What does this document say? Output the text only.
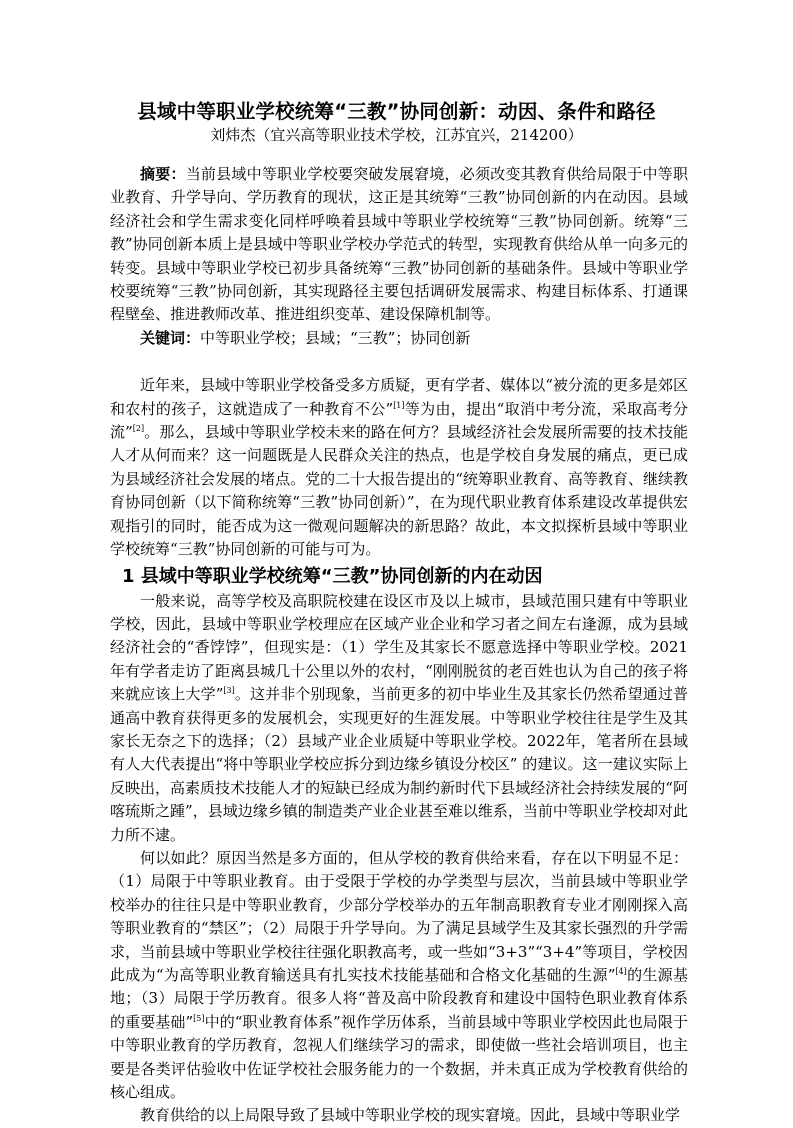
县域中等职业学校统筹“三教”协同创新：动因、条件和路径
刘炜杰（宜兴高等职业技术学校，江苏宜兴，214200）

摘要：当前县域中等职业学校要突破发展窘境，必须改变其教育供给局限于中等职业教育、升学导向、学历教育的现状，这正是其统筹“三教”协同创新的内在动因。县域经济社会和学生需求变化同样呼唤着县域中等职业学校统筹“三教”协同创新。统筹“三教”协同创新本质上是县域中等职业学校办学范式的转型，实现教育供给从单一向多元的转变。县域中等职业学校已初步具备统筹“三教”协同创新的基础条件。县域中等职业学校要统筹“三教”协同创新，其实现路径主要包括调研发展需求、构建目标体系、打通课程壁垒、推进教师改革、推进组织变革、建设保障机制等。

关键词：中等职业学校；县域；“三教”；协同创新

近年来，县域中等职业学校备受多方质疑，更有学者、媒体以“被分流的更多是郊区和农村的孩子，这就造成了一种教育不公”[1]等为由，提出“取消中考分流，采取高考分流”[2]。那么，县域中等职业学校未来的路在何方？县域经济社会发展所需要的技术技能人才从何而来？这一问题既是人民群众关注的热点，也是学校自身发展的痛点，更已成为县域经济社会发展的堵点。党的二十大报告提出的“统筹职业教育、高等教育、继续教育协同创新（以下简称统筹“三教”协同创新）”，在为现代职业教育体系建设改革提供宏观指引的同时，能否成为这一微观问题解决的新思路？故此，本文拟探析县域中等职业学校统筹“三教”协同创新的可能与可为。

1 县域中等职业学校统筹“三教”协同创新的内在动因

一般来说，高等学校及高职院校建在设区市及以上城市，县域范围只建有中等职业学校，因此，县域中等职业学校理应在区域产业企业和学习者之间左右逢源，成为县域经济社会的“香饽饽”，但现实是：（1）学生及其家长不愿意选择中等职业学校。2021年有学者走访了距离县城几十公里以外的农村，“刚刚脱贫的老百姓也认为自己的孩子将来就应该上大学”[3]。这并非个别现象，当前更多的初中毕业生及其家长仍然希望通过普通高中教育获得更多的发展机会，实现更好的生涯发展。中等职业学校往往是学生及其家长无奈之下的选择；（2）县域产业企业质疑中等职业学校。2022年，笔者所在县域有人大代表提出“将中等职业学校应拆分到边缘乡镇设分校区” 的建议。这一建议实际上反映出，高素质技术技能人才的短缺已经成为制约新时代下县域经济社会持续发展的“阿喀琉斯之踵”，县域边缘乡镇的制造类产业企业甚至难以维系，当前中等职业学校却对此力所不逮。

何以如此？原因当然是多方面的，但从学校的教育供给来看，存在以下明显不足：（1）局限于中等职业教育。由于受限于学校的办学类型与层次，当前县域中等职业学校举办的往往只是中等职业教育，少部分学校举办的五年制高职教育专业才刚刚探入高等职业教育的“禁区”；（2）局限于升学导向。为了满足县域学生及其家长强烈的升学需求，当前县域中等职业学校往往强化职教高考，或一些如“3+3”“3+4”等项目，学校因此成为“为高等职业教育输送具有扎实技术技能基础和合格文化基础的生源”[4]的生源基地；（3）局限于学历教育。很多人将“普及高中阶段教育和建设中国特色职业教育体系的重要基础”[5]中的“职业教育体系”视作学历体系，当前县域中等职业学校因此也局限于中等职业教育的学历教育，忽视人们继续学习的需求，即使做一些社会培训项目，也主要是各类评估验收中佐证学校社会服务能力的一个数据，并未真正成为学校教育供给的核心组成。

教育供给的以上局限导致了县域中等职业学校的现实窘境。因此，县域中等职业学
